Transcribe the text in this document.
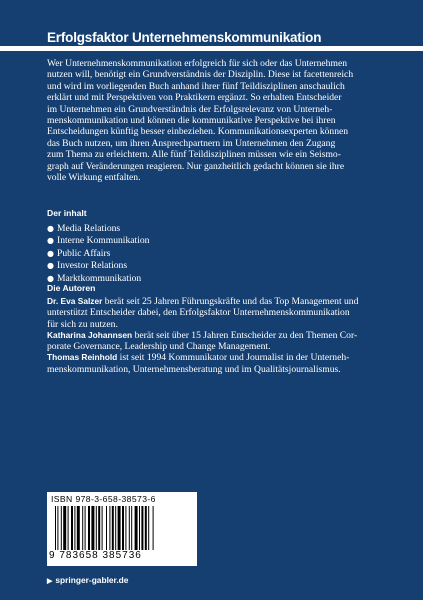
Erfolgsfaktor Unternehmenskommunikation
Wer Unternehmenskommunikation erfolgreich für sich oder das Unternehmen
nutzen will, benötigt ein Grundverständnis der Disziplin. Diese ist facettenreich
und wird im vorliegenden Buch anhand ihrer fünf Teildisziplinen anschaulich
erklärt und mit Perspektiven von Praktikern ergänzt. So erhalten Entscheider
im Unternehmen ein Grundverständnis der Erfolgsrelevanz von Unterneh-
menskommunikation und können die kommunikative Perspektive bei ihren
Entscheidungen künftig besser einbeziehen. Kommunikationsexperten können
das Buch nutzen, um ihren Ansprechpartnern im Unternehmen den Zugang
zum Thema zu erleichtern. Alle fünf Teildisziplinen müssen wie ein Seismo-
graph auf Veränderungen reagieren. Nur ganzheitlich gedacht können sie ihre
volle Wirkung entfalten.
Der inhalt
● Media Relations
● Interne Kommunikation
● Public Affairs
● Investor Relations
● Marktkommunikation
Die Autoren
Dr. Eva Salzer berät seit 25 Jahren Führungskräfte und das Top Management und
unterstützt Entscheider dabei, den Erfolgsfaktor Unternehmenskommunikation
für sich zu nutzen.
Katharina Johannsen berät seit über 15 Jahren Entscheider zu den Themen Cor-
porate Governance, Leadership und Change Management.
Thomas Reinhold ist seit 1994 Kommunikator und Journalist in der Unterneh-
menskommunikation, Unternehmensberatung und im Qualitätsjournalismus.
ISBN 978-3-658-38573-6
9 783658 385736
▶ springer-gabler.de
